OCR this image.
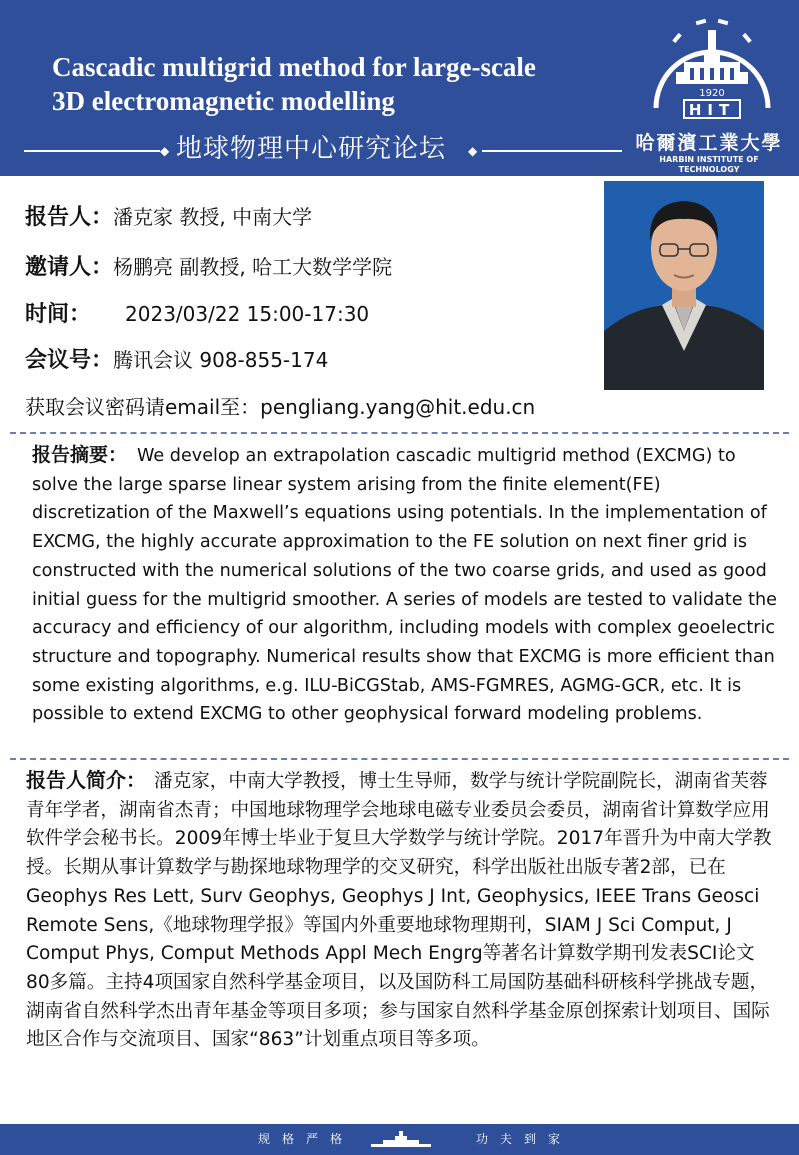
Cascadic multigrid method for large-scale 3D electromagnetic modelling
◆ 地球物理中心研究论坛 ◆
1920
HIT
哈爾濱工業大學
HARBIN INSTITUTE OF TECHNOLOGY
报告人：潘克家 教授, 中南大学
邀请人：杨鹏亮 副教授, 哈工大数学学院
时间： 2023/03/22 15:00-17:30
会议号：腾讯会议 908-855-174
获取会议密码请email至：pengliang.yang@hit.edu.cn
报告摘要： We develop an extrapolation cascadic multigrid method (EXCMG) to solve the large sparse linear system arising from the finite element(FE) discretization of the Maxwell’s equations using potentials. In the implementation of EXCMG, the highly accurate approximation to the FE solution on next finer grid is constructed with the numerical solutions of the two coarse grids, and used as good initial guess for the multigrid smoother. A series of models are tested to validate the accuracy and efficiency of our algorithm, including models with complex geoelectric structure and topography. Numerical results show that EXCMG is more efficient than some existing algorithms, e.g. ILU-BiCGStab, AMS-FGMRES, AGMG-GCR, etc. It is possible to extend EXCMG to other geophysical forward modeling problems.
报告人简介： 潘克家，中南大学教授，博士生导师，数学与统计学院副院长，湖南省芙蓉青年学者，湖南省杰青；中国地球物理学会地球电磁专业委员会委员，湖南省计算数学应用软件学会秘书长。2009年博士毕业于复旦大学数学与统计学院。2017年晋升为中南大学教授。长期从事计算数学与勘探地球物理学的交叉研究，科学出版社出版专著2部，已在Geophys Res Lett, Surv Geophys, Geophys J Int, Geophysics, IEEE Trans Geosci Remote Sens,《地球物理学报》等国内外重要地球物理期刊，SIAM J Sci Comput, J Comput Phys, Comput Methods Appl Mech Engrg等著名计算数学期刊发表SCI论文80多篇。主持4项国家自然科学基金项目，以及国防科工局国防基础科研核科学挑战专题，湖南省自然科学杰出青年基金等项目多项；参与国家自然科学基金原创探索计划项目、国际地区合作与交流项目、国家“863”计划重点项目等多项。
规格严格	功夫到家
